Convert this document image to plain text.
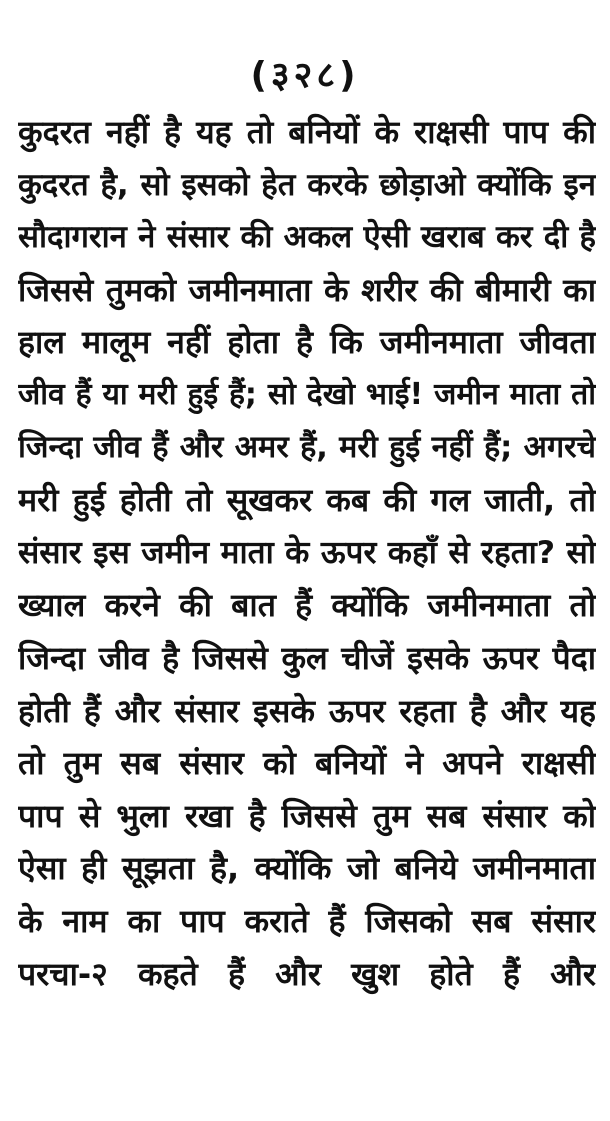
(३२८)
कुदरत नहीं है यह तो बनियों के राक्षसी पाप की
कुदरत है, सो इसको हेत करके छोड़ाओ क्योंकि इन
सौदागरान ने संसार की अकल ऐसी खराब कर दी है
जिससे तुमको जमीनमाता के शरीर की बीमारी का
हाल मालूम नहीं होता है कि जमीनमाता जीवता
जीव हैं या मरी हुई हैं; सो देखो भाई! जमीन माता तो
जिन्दा जीव हैं और अमर हैं, मरी हुई नहीं हैं; अगरचे
मरी हुई होती तो सूखकर कब की गल जाती, तो
संसार इस जमीन माता के ऊपर कहाँ से रहता? सो
ख्याल करने की बात हैं क्योंकि जमीनमाता तो
जिन्दा जीव है जिससे कुल चीजें इसके ऊपर पैदा
होती हैं और संसार इसके ऊपर रहता है और यह
तो तुम सब संसार को बनियों ने अपने राक्षसी
पाप से भुला रखा है जिससे तुम सब संसार को
ऐसा ही सूझता है, क्योंकि जो बनिये जमीनमाता
के नाम का पाप कराते हैं जिसको सब संसार
परचा-२ कहते हैं और खुश होते हैं और
